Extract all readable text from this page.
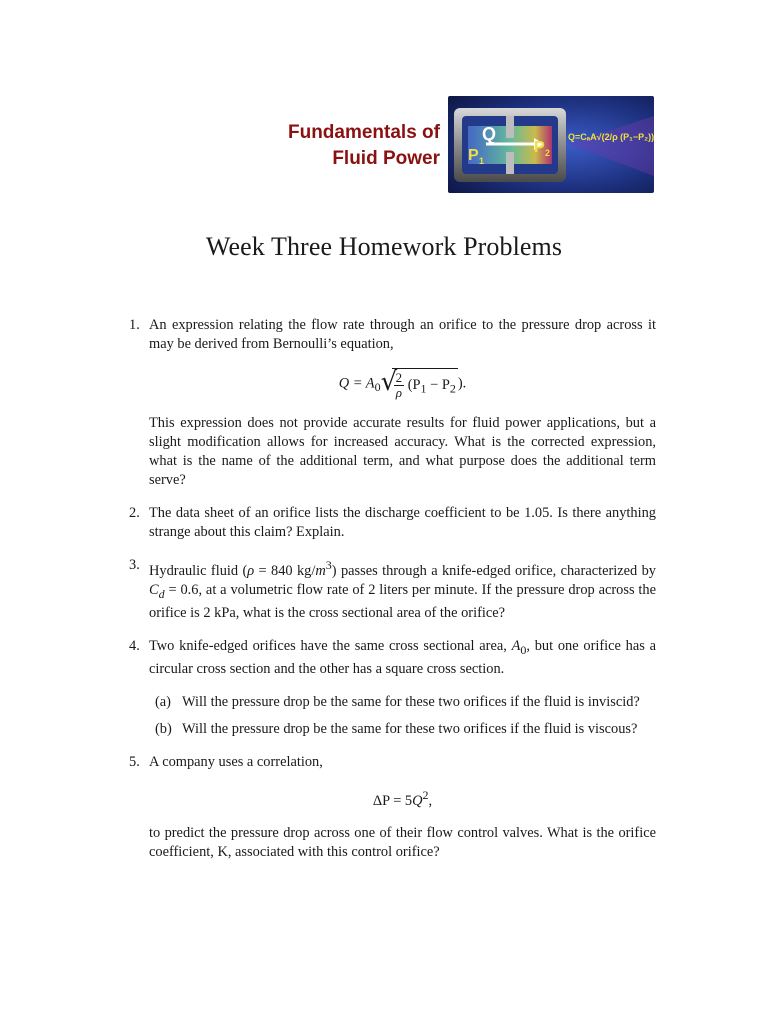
Fundamentals of
Fluid Power
Q
P 1
P 2
Q=CₐA√(2/ρ (P₁−P₂))
Week Three Homework Problems
1. An expression relating the flow rate through an orifice to the pressure drop across it may be derived from Bernoulli’s equation,

$Q = A_0$ √
$\frac{2}{\rho} (P_1 - P_2$ ).

This expression does not provide accurate results for fluid power applications, but a slight modification allows for increased accuracy. What is the corrected expression, what is the name of the additional term, and what purpose does the additional term serve?

2. The data sheet of an orifice lists the discharge coefficient to be 1.05. Is there anything strange about this claim? Explain.

3. Hydraulic fluid (ρ = 840 $kg/m^3$) passes through a knife-edged orifice, characterized by $C_d = 0.6$, at a volumetric flow rate of 2 liters per minute. If the pressure drop across the orifice is 2 kPa, what is the cross sectional area of the orifice?

4. Two knife-edged orifices have the same cross sectional area, $A_0$, but one orifice has a circular cross section and the other has a square cross section.

(a) Will the pressure drop be the same for these two orifices if the fluid is inviscid?
(b) Will the pressure drop be the same for these two orifices if the fluid is viscous?
5. A company uses a correlation,

$\Delta P = 5Q^2$,

to predict the pressure drop across one of their flow control valves. What is the orifice coefficient, K, associated with this control orifice?
